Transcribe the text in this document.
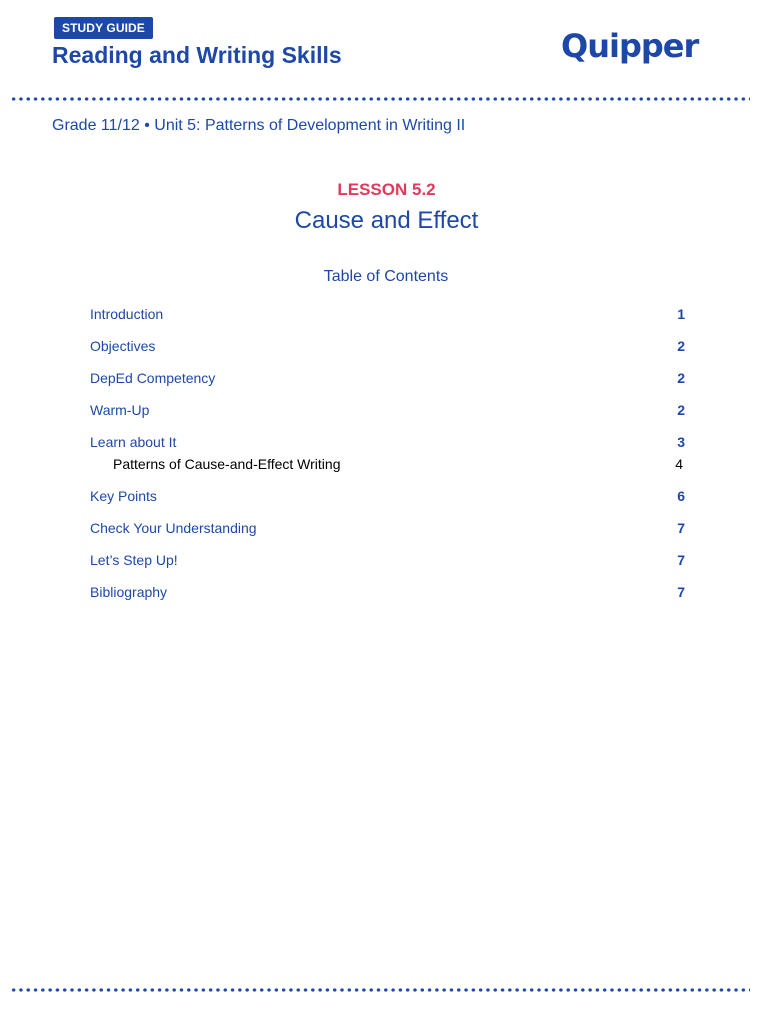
STUDY GUIDE
Reading and Writing Skills	Quipper
Grade 11/12 • Unit 5: Patterns of Development in Writing II
LESSON 5.2
Cause and Effect
Table of Contents
Introduction	1
Objectives	2
DepEd Competency	2
Warm-Up	2
Learn about It	3
Patterns of Cause-and-Effect Writing	4
Key Points	6
Check Your Understanding	7
Let’s Step Up!	7
Bibliography	7
